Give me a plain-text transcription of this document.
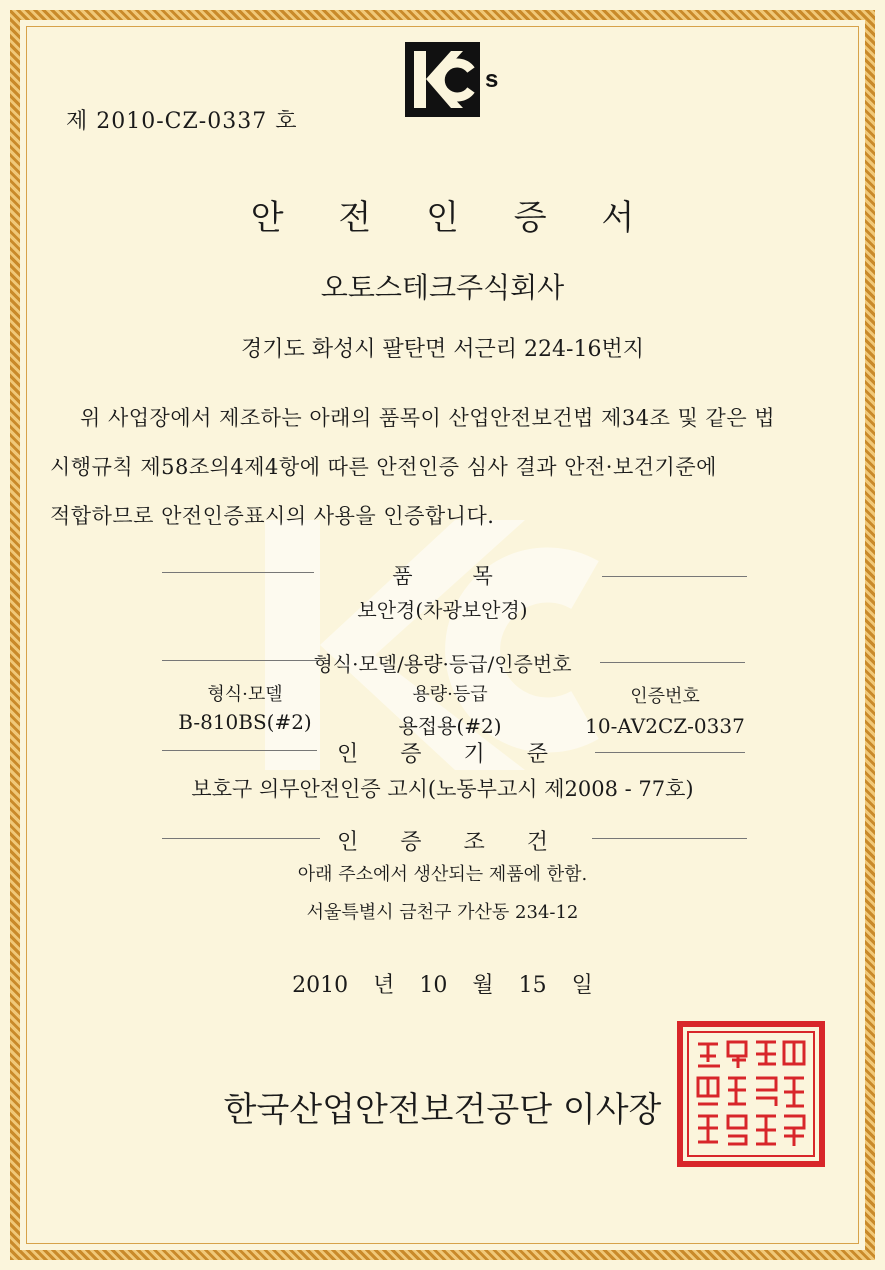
s
제 2010-CZ-0337 호
안 전 인 증 서
오토스테크주식회사
경기도 화성시 팔탄면 서근리 224-16번지
위 사업장에서 제조하는 아래의 품목이 산업안전보건법 제34조 및 같은 법
시행규칙 제58조의4제4항에 따른 안전인증 심사 결과 안전·보건기준에
적합하므로 안전인증표시의 사용을 인증합니다.
품목
보안경(차광보안경)
형식·모델/용량·등급/인증번호
형식·모델	용량·등급	인증번호
B-810BS(#2)	용접용(#2)	10-AV2CZ-0337
인증기준
보호구 의무안전인증 고시(노동부고시 제2008 - 77호)
인증조건
아래 주소에서 생산되는 제품에 한함.
서울특별시 금천구 가산동 234-12
2010 년 10 월 15 일
한국산업안전보건공단 이사장
